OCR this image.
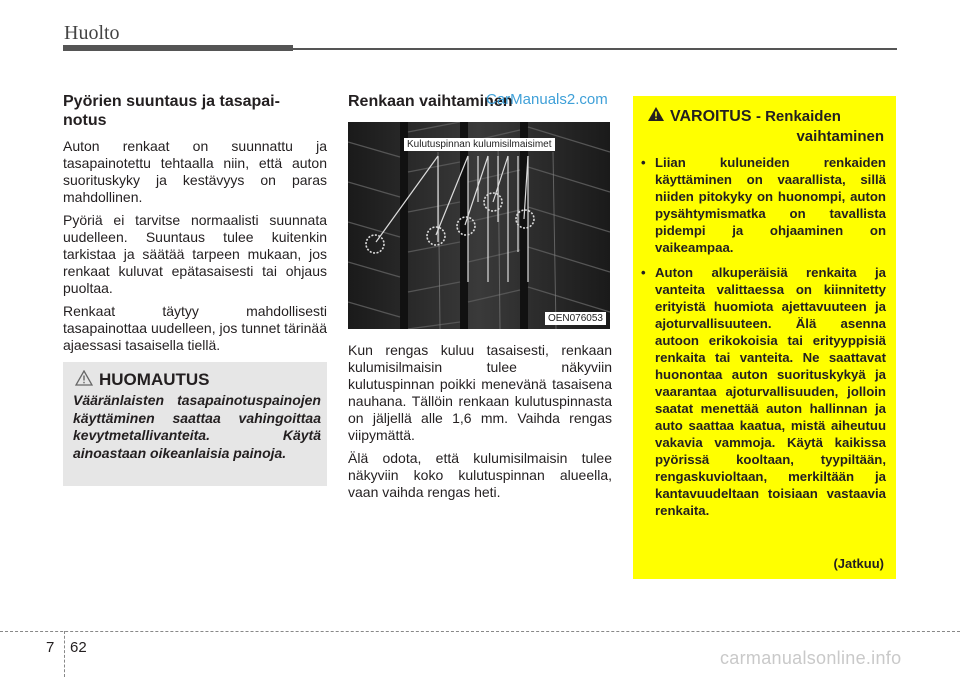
Huolto
Pyörien suuntaus ja tasapai-
notus

Auton renkaat on suunnattu ja tasapainotettu tehtaalla niin, että auton suorituskyky ja kestävyys on paras mahdollinen.

Pyöriä ei tarvitse normaalisti suunnata uudelleen. Suuntaus tulee kuitenkin tarkistaa ja säätää tarpeen mukaan, jos renkaat kuluvat epätasaisesti tai ohjaus puoltaa.

Renkaat täytyy mahdollisesti tasapainottaa uudelleen, jos tunnet tärinää ajaessasi tasaisella tiellä.

HUOMAUTUS
Vääränlaisten tasapainotuspainojen käyttäminen saattaa vahingoittaa kevytmetallivanteita. Käytä ainoastaan oikeanlaisia painoja.
Renkaan vaihtaminen
CarManuals2.com
Kulutuspinnan kulumisilmaisimet
OEN076053

Kun rengas kuluu tasaisesti, renkaan kulumisilmaisin tulee näkyviin kulutuspinnan poikki menevänä tasaisena nauhana. Tällöin renkaan kulutuspinnasta on jäljellä alle 1,6 mm. Vaihda rengas viipymättä.

Älä odota, että kulumisilmaisin tulee näkyviin koko kulutuspinnan alueella, vaan vaihda rengas heti.

VAROITUS - Renkaiden
vaihtaminen
• Liian kuluneiden renkaiden käyttäminen on vaarallista, sillä niiden pitokyky on huonompi, auton pysähtymismatka on tavallista pidempi ja ohjaaminen on vaikeampaa.
• Auton alkuperäisiä renkaita ja vanteita valittaessa on kiinnitetty erityistä huomiota ajettavuuteen ja ajoturvallisuuteen. Älä asenna autoon erikokoisia tai erityyppisiä renkaita tai vanteita. Ne saattavat huonontaa auton suorituskykyä ja vaarantaa ajoturvallisuuden, jolloin saatat menettää auton hallinnan ja auto saattaa kaatua, mistä aiheutuu vakavia vammoja. Käytä kaikissa pyörissä kooltaan, tyypiltään, rengaskuvioltaan, merkiltään ja kantavuudeltaan toisiaan vastaavia renkaita.
(Jatkuu)
7 62
carmanualsonline.info
